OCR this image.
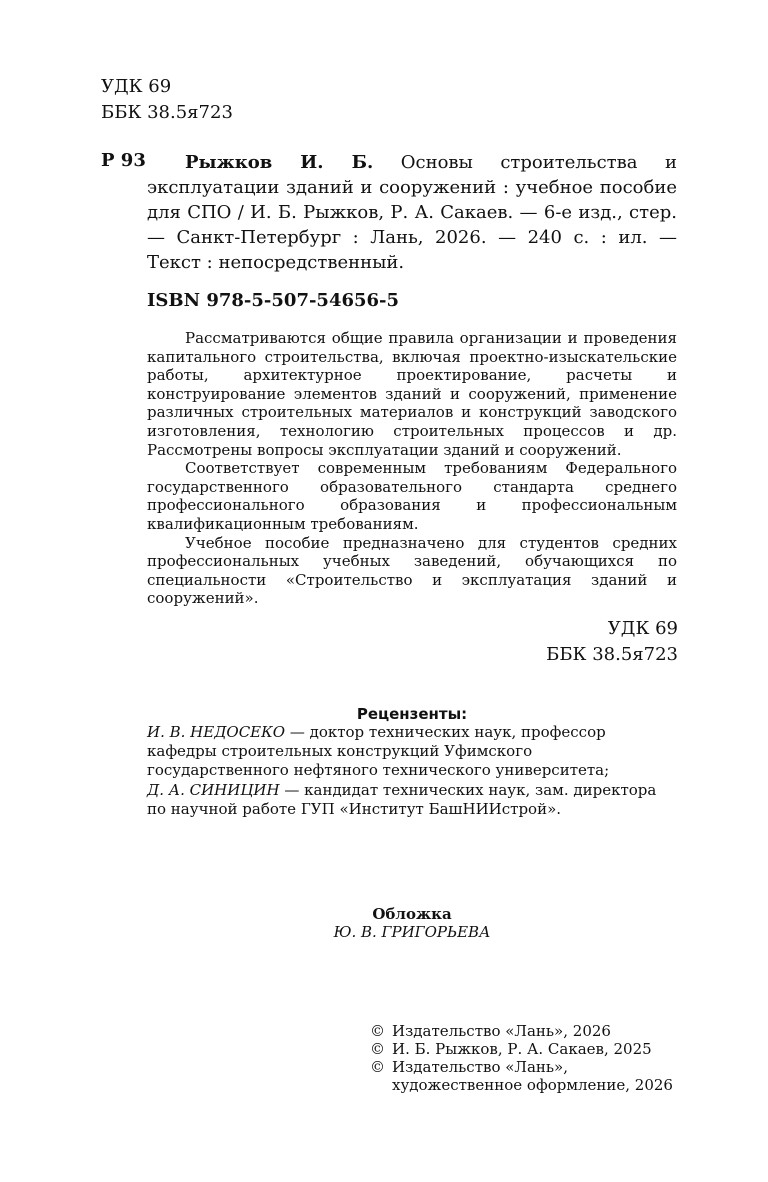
УДК 69
ББК 38.5я723
Р 93	Рыжков И. Б. Основы строительства и эксплуатации зданий и сооружений : учебное пособие для СПО / И. Б. Рыжков, Р. А. Сакаев. — 6-е изд., стер. — Санкт-Петербург : Лань, 2026. — 240 с. : ил. — Текст : непосредственный.
ISBN 978-5-507-54656-5

Рассматриваются общие правила организации и проведения капитального строительства, включая проектно-изыскательские работы, архитектурное проектирование, расчеты и конструирование элементов зданий и сооружений, применение различных строительных материалов и конструкций заводского изготовления, технологию строительных процессов и др. Рассмотрены вопросы эксплуатации зданий и сооружений.

Соответствует современным требованиям Федерального государственного образовательного стандарта среднего профессионального образования и профессиональным квалификационным требованиям.

Учебное пособие предназначено для студентов средних профессиональных учебных заведений, обучающихся по специальности «Строительство и эксплуатация зданий и сооружений».

УДК 69
ББК 38.5я723
Рецензенты:

И. В. НЕДОСЕКО — доктор технических наук, профессор кафедры строительных конструкций Уфимского государственного нефтяного технического университета;

Д. А. СИНИЦИН — кандидат технических наук, зам. директора по научной работе ГУП «Институт БашНИИстрой».

Обложка
Ю. В. ГРИГОРЬЕВА
© Издательство «Лань», 2026
© И. Б. Рыжков, Р. А. Сакаев, 2025
© Издательство «Лань»,
художественное оформление, 2026
